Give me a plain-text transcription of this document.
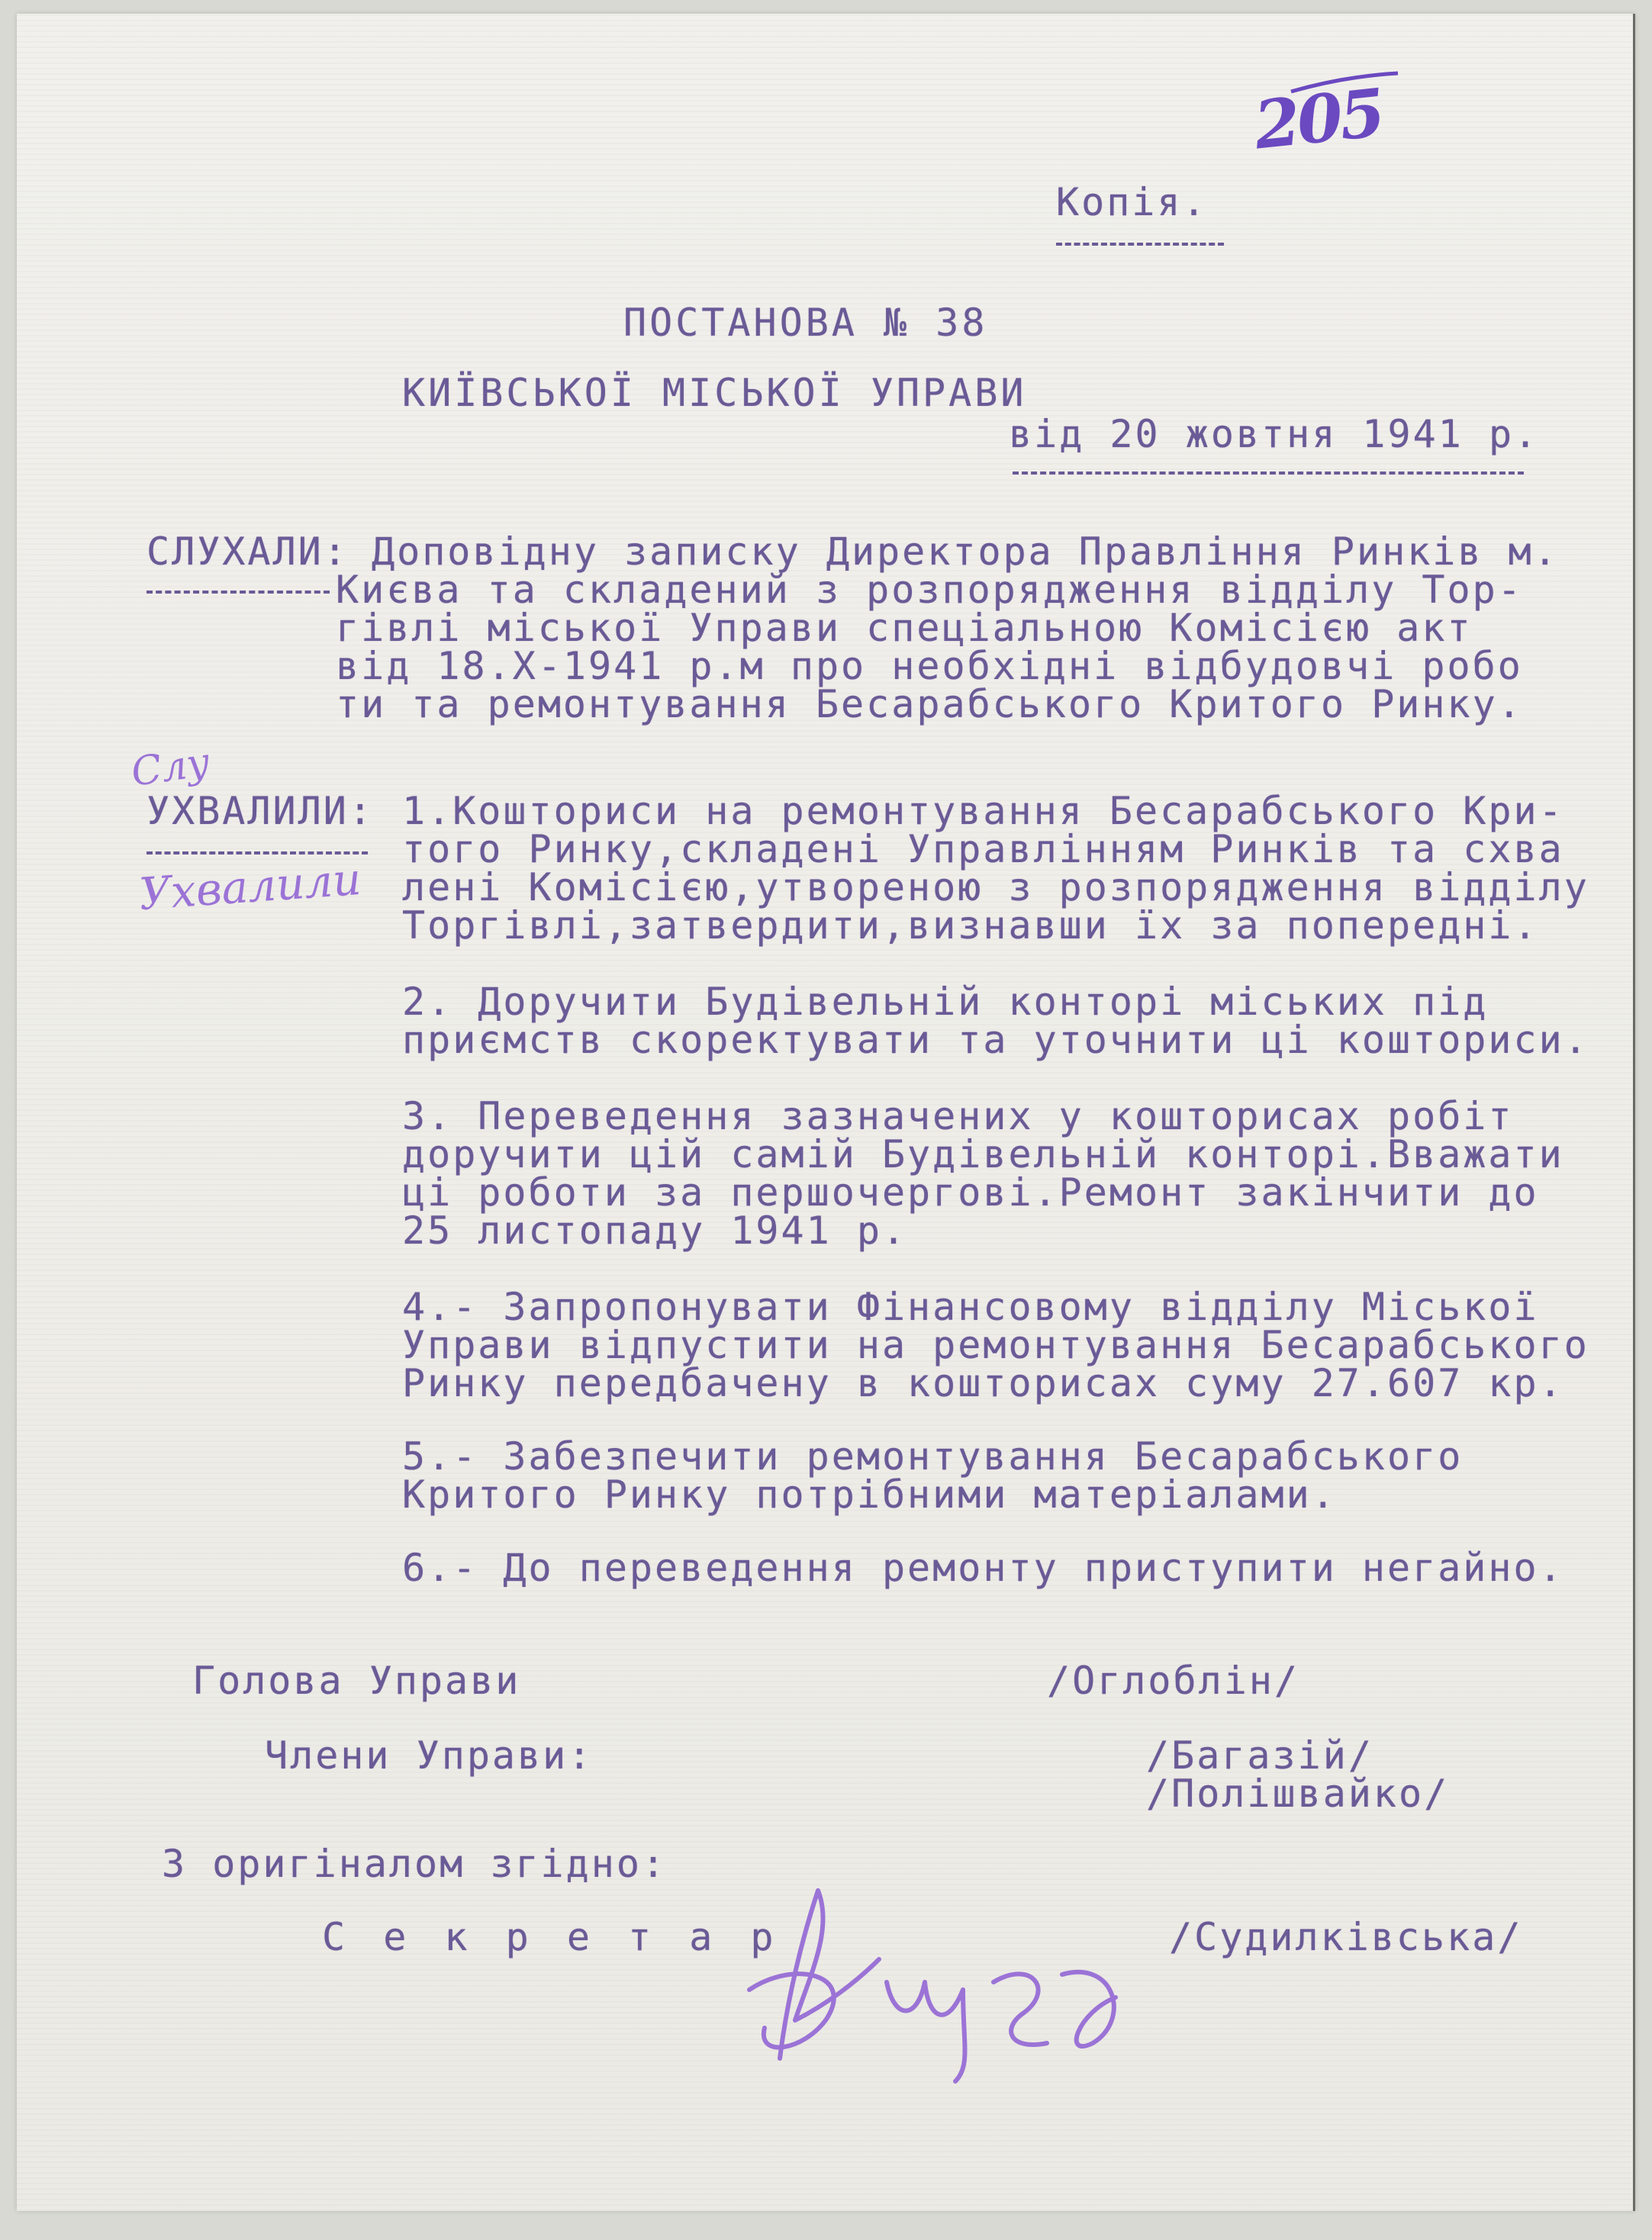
205
Копія.
ПОСТАНОВА № 38
КИЇВСЬКОЇ МІСЬКОЇ УПРАВИ
від 20 жовтня 1941 р.
СЛУХАЛИ: Доповідну записку Директора Правління Ринків м.
Києва та складений з розпорядження відділу Тор-
гівлі міської Управи спеціальною Комісією акт
від 18.X-1941 р.м про необхідні відбудовчі робо
ти та ремонтування Бесарабського Критого Ринку.
Слу
УХВАЛИЛИ:
Ухвалили
1.Кошториси на ремонтування Бесарабського Кри-
того Ринку,складені Управлінням Ринків та схва
лені Комісією,утвореною з розпорядження відділу
Торгівлі,затвердити,визнавши їх за попередні.
2. Доручити Будівельній конторі міських під
приємств скоректувати та уточнити ці кошториси.
3. Переведення зазначених у кошторисах робіт
доручити цій самій Будівельній конторі.Вважати
ці роботи за першочергові.Ремонт закінчити до
25 листопаду 1941 р.
4.- Запропонувати Фінансовому відділу Міської
Управи відпустити на ремонтування Бесарабського
Ринку передбачену в кошторисах суму 27.607 кр.
5.- Забезпечити ремонтування Бесарабського
Критого Ринку потрібними матеріалами.
6.- До переведення ремонту приступити негайно.
Голова Управи	/Оглоблін/
Члени Управи:	/Багазій/
/Полішвайко/
З оригіналом згідно:
С е к р е т а р	/Судилківська/
